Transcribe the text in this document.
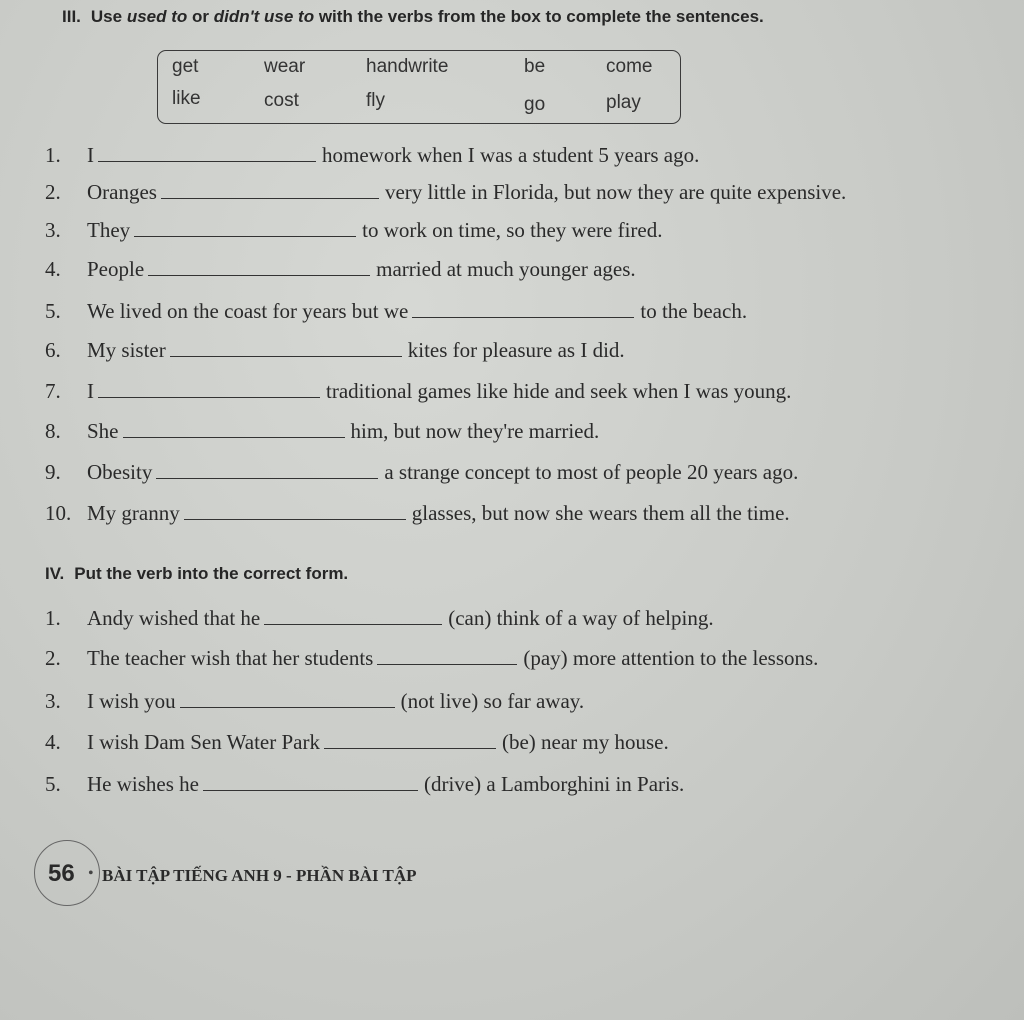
III. Use used to or didn't use to with the verbs from the box to complete the sentences.
get	wear	handwrite	be	come
like	cost	fly	go	play
1. I	homework when I was a student 5 years ago.
2. Oranges	very little in Florida, but now they are quite expensive.
3. They	to work on time, so they were fired.
4. People	married at much younger ages.
5. We lived on the coast for years but we	to the beach.
6. My sister	kites for pleasure as I did.
7. I	traditional games like hide and seek when I was young.
8. She	him, but now they're married.
9. Obesity	a strange concept to most of people 20 years ago.
10. My granny	glasses, but now she wears them all the time.
IV. Put the verb into the correct form.
1. Andy wished that he	(can) think of a way of helping.
2. The teacher wish that her students	(pay) more attention to the lessons.
3. I wish you	(not live) so far away.
4. I wish Dam Sen Water Park	(be) near my house.
5. He wishes he	(drive) a Lamborghini in Paris.
56 • BÀI TẬP TIẾNG ANH 9 - PHẦN BÀI TẬP
